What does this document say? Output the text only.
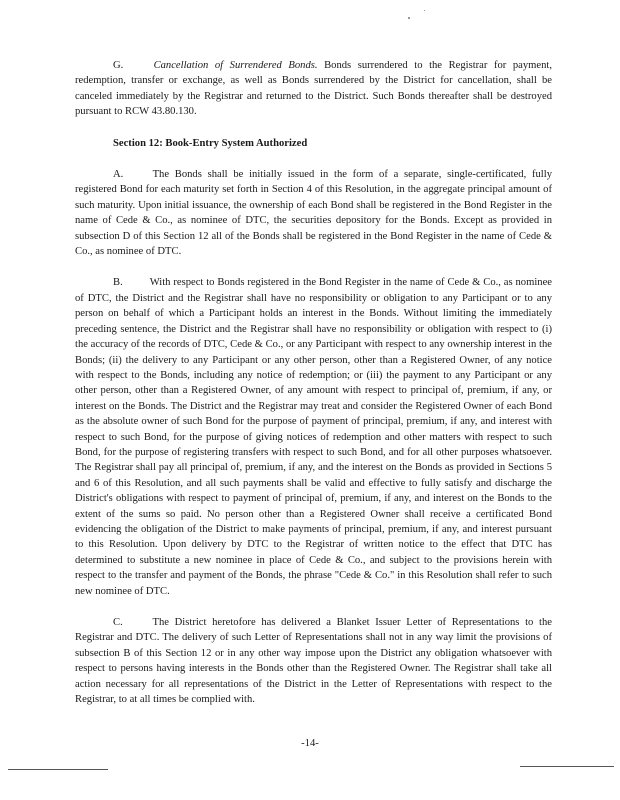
G.	Cancellation of Surrendered Bonds. Bonds surrendered to the Registrar for payment, redemption, transfer or exchange, as well as Bonds surrendered by the District for cancellation, shall be canceled immediately by the Registrar and returned to the District. Such Bonds thereafter shall be destroyed pursuant to RCW 43.80.130.

Section 12: Book-Entry System Authorized

A.	The Bonds shall be initially issued in the form of a separate, single-certificated, fully registered Bond for each maturity set forth in Section 4 of this Resolution, in the aggregate principal amount of such maturity. Upon initial issuance, the ownership of each Bond shall be registered in the Bond Register in the name of Cede & Co., as nominee of DTC, the securities depository for the Bonds. Except as provided in subsection D of this Section 12 all of the Bonds shall be registered in the Bond Register in the name of Cede & Co., as nominee of DTC.

B.	With respect to Bonds registered in the Bond Register in the name of Cede & Co., as nominee of DTC, the District and the Registrar shall have no responsibility or obligation to any Participant or to any person on behalf of which a Participant holds an interest in the Bonds. Without limiting the immediately preceding sentence, the District and the Registrar shall have no responsibility or obligation with respect to (i) the accuracy of the records of DTC, Cede & Co., or any Participant with respect to any ownership interest in the Bonds; (ii) the delivery to any Participant or any other person, other than a Registered Owner, of any notice with respect to the Bonds, including any notice of redemption; or (iii) the payment to any Participant or any other person, other than a Registered Owner, of any amount with respect to principal of, premium, if any, or interest on the Bonds. The District and the Registrar may treat and consider the Registered Owner of each Bond as the absolute owner of such Bond for the purpose of payment of principal, premium, if any, and interest with respect to such Bond, for the purpose of giving notices of redemption and other matters with respect to such Bond, for the purpose of registering transfers with respect to such Bond, and for all other purposes whatsoever. The Registrar shall pay all principal of, premium, if any, and the interest on the Bonds as provided in Sections 5 and 6 of this Resolution, and all such payments shall be valid and effective to fully satisfy and discharge the District's obligations with respect to payment of principal of, premium, if any, and interest on the Bonds to the extent of the sums so paid. No person other than a Registered Owner shall receive a certificated Bond evidencing the obligation of the District to make payments of principal, premium, if any, and interest pursuant to this Resolution. Upon delivery by DTC to the Registrar of written notice to the effect that DTC has determined to substitute a new nominee in place of Cede & Co., and subject to the provisions herein with respect to the transfer and payment of the Bonds, the phrase "Cede & Co." in this Resolution shall refer to such new nominee of DTC.

C.	The District heretofore has delivered a Blanket Issuer Letter of Representations to the Registrar and DTC. The delivery of such Letter of Representations shall not in any way limit the provisions of subsection B of this Section 12 or in any other way impose upon the District any obligation whatsoever with respect to persons having interests in the Bonds other than the Registered Owner. The Registrar shall take all action necessary for all representations of the District in the Letter of Representations with respect to the Registrar, to at all times be complied with.

-14-
